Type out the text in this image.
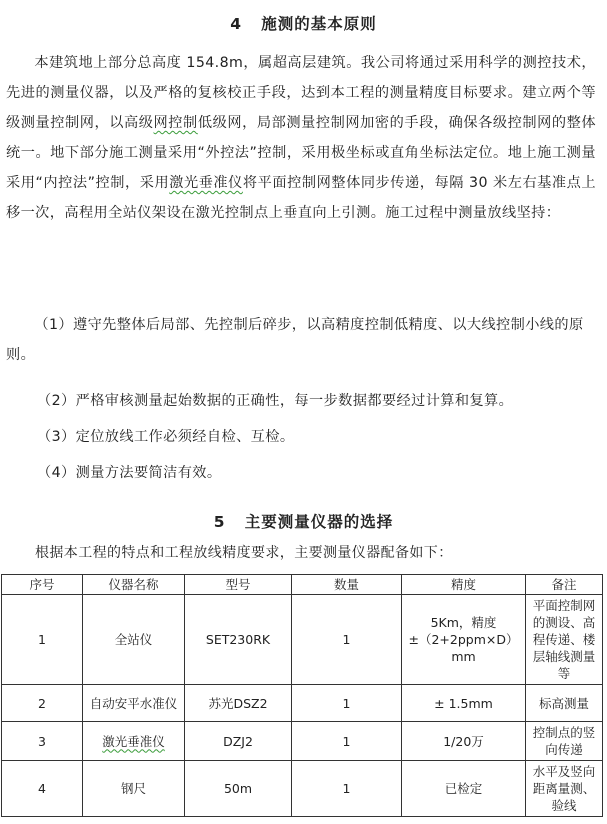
4   施测的基本原则
本建筑地上部分总高度 154.8m，属超高层建筑。我公司将通过采用科学的测控技术，先进的测量仪器，以及严格的复核校正手段，达到本工程的测量精度目标要求。建立两个等级测量控制网，以高级网控制低级网，局部测量控制网加密的手段，确保各级控制网的整体统一。地下部分施工测量采用“外控法”控制，采用极坐标或直角坐标法定位。地上施工测量采用“内控法”控制，采用激光垂准仪将平面控制网整体同步传递，每隔 30 米左右基准点上移一次，高程用全站仪架设在激光控制点上垂直向上引测。施工过程中测量放线坚持：
（1）遵守先整体后局部、先控制后碎步，以高精度控制低精度、以大线控制小线的原则。
（2）严格审核测量起始数据的正确性，每一步数据都要经过计算和复算。
（3）定位放线工作必须经自检、互检。
（4）测量方法要简洁有效。
5   主要测量仪器的选择
根据本工程的特点和工程放线精度要求，主要测量仪器配备如下：
序号	仪器名称	型号	数量	精度	备注
1	全站仪	SET230RK	1	5Km，精度±（2+2ppm×D）mm	平面控制网的测设、高程传递、楼层轴线测量等
2	自动安平水准仪	苏光DSZ2	1	± 1.5mm	标高测量
3	激光垂准仪	DZJ2	1	1/20万	控制点的竖向传递
4	钢尺	50m	1	已检定	水平及竖向距离量测、验线
